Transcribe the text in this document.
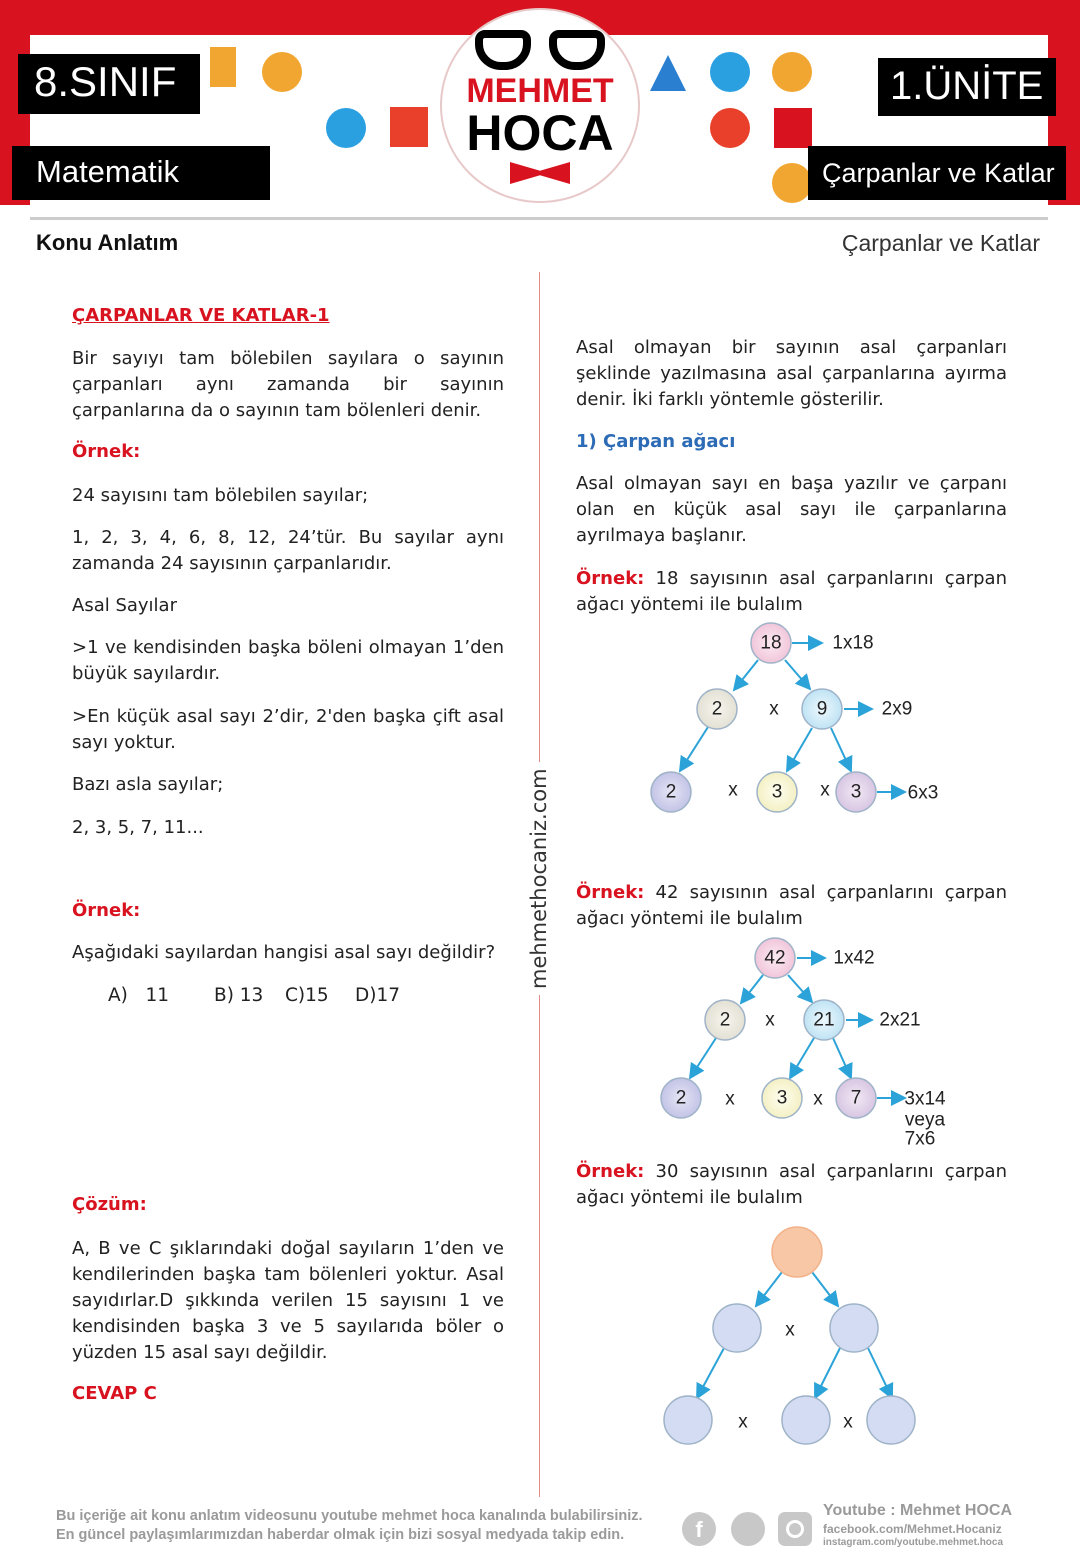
8.SINIF
Matematik
1.ÜNİTE
Çarpanlar ve Katlar
MEHMET
HOCA
Konu Anlatım	Çarpanlar ve Katlar
mehmethocaniz.com
ÇARPANLAR VE KATLAR-1

Bir sayıyı tam bölebilen sayılara o sayının çarpanları aynı zamanda bir sayının çarpanlarına da o sayının tam bölenleri denir.

Örnek:

24 sayısını tam bölebilen sayılar;

1, 2, 3, 4, 6, 8, 12, 24’tür. Bu sayılar aynı zamanda 24 sayısının çarpanlarıdır.

Asal Sayılar

>1 ve kendisinden başka böleni olmayan 1’den büyük sayılardır.

>En küçük asal sayı 2’dir, 2'den başka çift asal sayı yoktur.

Bazı asla sayılar;

2, 3, 5, 7, 11...

Örnek:

Aşağıdaki sayılardan hangisi asal sayı değildir?

A)   11 B) 13 C)15 D)17
Çözüm:

A, B ve C şıklarındaki doğal sayıların 1’den ve kendilerinden başka tam bölenleri yoktur. Asal sayıdırlar.D şıkkında verilen 15 sayısını 1 ve kendisinden başka 3 ve 5 sayılarıda böler o yüzden 15 asal sayı değildir.

CEVAP C

Asal olmayan bir sayının asal çarpanları şeklinde yazılmasına asal çarpanlarına ayırma denir. İki farklı yöntemle gösterilir.

1) Çarpan ağacı

Asal olmayan sayı en başa yazılır ve çarpanı olan en küçük asal sayı ile çarpanlarına ayrılmaya başlanır.

Örnek: 18 sayısının asal çarpanlarını çarpan ağacı yöntemi ile bulalım

Örnek: 42 sayısının asal çarpanlarını çarpan ağacı yöntemi ile bulalım

Örnek: 30 sayısının asal çarpanlarını çarpan ağacı yöntemi ile bulalım

18
2	9
2	3	3
x
x	x
1x18
2x9
6x3
42
2	21
2	3	7
x
x	x
1x42
2x21
3x14
veya
7x6
x
x	x
Bu içeriğe ait konu anlatım videosunu youtube mehmet hoca kanalında bulabilirsiniz.
En güncel paylaşımlarımızdan haberdar olmak için bizi sosyal medyada takip edin.	f
Youtube : Mehmet HOCA
facebook.com/Mehmet.Hocaniz
instagram.com/youtube.mehmet.hoca
